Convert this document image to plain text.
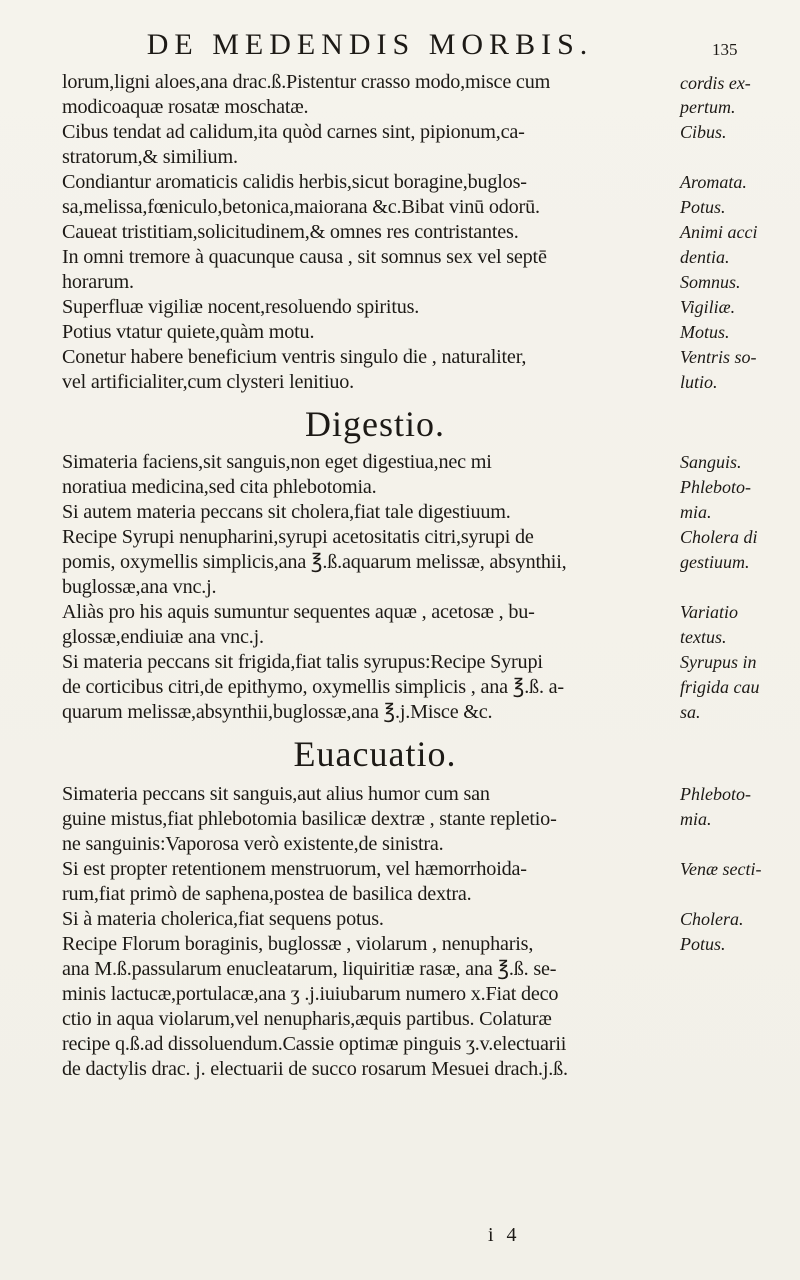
DE MEDENDIS MORBIS.	135
lorum,ligni aloes,ana drac.ß.Pistentur crasso modo,misce cum
modicoaquæ rosatæ moschatæ.
Cibus tendat ad calidum,ita quòd carnes sint, pipionum,ca-
stratorum,& similium.
Condiantur aromaticis calidis herbis,sicut boragine,buglos-
sa,melissa,fœniculo,betonica,maiorana &c.Bibat vinū odorū.
Caueat tristitiam,solicitudinem,& omnes res contristantes.
In omni tremore à quacunque causa , sit somnus sex vel septē
horarum.
Superfluæ vigiliæ nocent,resoluendo spiritus.
Potius vtatur quiete,quàm motu.
Conetur habere beneficium ventris singulo die , naturaliter,
vel artificialiter,cum clysteri lenitiuo.
Digestio.
Simateria faciens,sit sanguis,non eget digestiua,nec mi
noratiua medicina,sed cita phlebotomia.
Si autem materia peccans sit cholera,fiat tale digestiuum.
Recipe Syrupi nenupharini,syrupi acetositatis citri,syrupi de
pomis, oxymellis simplicis,ana ℥.ß.aquarum melissæ, absynthii,
buglossæ,ana vnc.j.
Aliàs pro his aquis sumuntur sequentes aquæ , acetosæ , bu-
glossæ,endiuiæ ana vnc.j.
Si materia peccans sit frigida,fiat talis syrupus:Recipe Syrupi
de corticibus citri,de epithymo, oxymellis simplicis , ana ℥.ß. a-
quarum melissæ,absynthii,buglossæ,ana ℥.j.Misce &c.
Euacuatio.
Simateria peccans sit sanguis,aut alius humor cum san
guine mistus,fiat phlebotomia basilicæ dextræ , stante repletio-
ne sanguinis:Vaporosa verò existente,de sinistra.
Si est propter retentionem menstruorum, vel hæmorrhoida-
rum,fiat primò de saphena,postea de basilica dextra.
Si à materia cholerica,fiat sequens potus.
Recipe Florum boraginis, buglossæ , violarum , nenupharis,
ana M.ß.passularum enucleatarum, liquiritiæ rasæ, ana ℥.ß. se-
minis lactucæ,portulacæ,ana ʒ .j.iuiubarum numero x.Fiat deco
ctio in aqua violarum,vel nenupharis,æquis partibus. Colaturæ
recipe q.ß.ad dissoluendum.Cassie optimæ pinguis ʒ.v.electuarii
de dactylis drac. j. electuarii de succo rosarum Mesuei drach.j.ß.
cordis ex-
pertum.
Cibus.
Aromata.
Potus.
Animi acci
dentia.
Somnus.
Vigiliæ.
Motus.
Ventris so-
lutio.
Sanguis.
Phleboto-
mia.
Cholera di
gestiuum.
Variatio
textus.
Syrupus in
frigida cau
sa.
Phleboto-
mia.
Venæ secti-
Cholera.
Potus.
i 4
